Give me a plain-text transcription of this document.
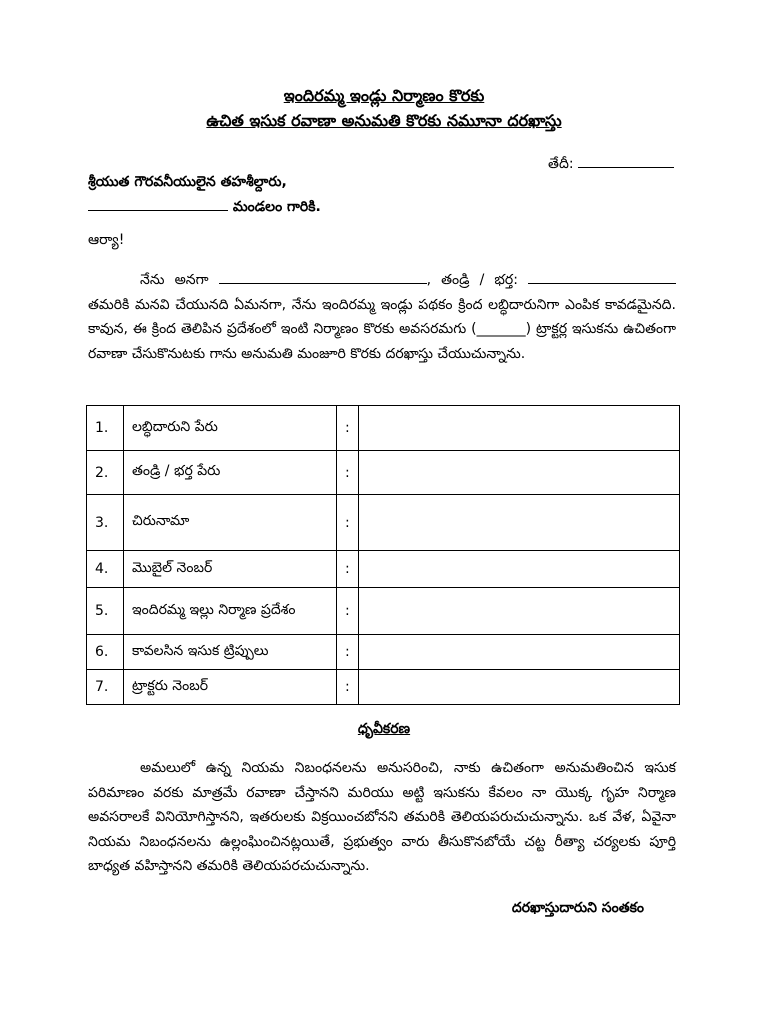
ఇందిరమ్మ ఇండ్లు నిర్మాణం కొరకు
ఉచిత ఇసుక రవాణా అనుమతి కొరకు నమూనా దరఖాస్తు
తేదీ:
శ్రీయుత గౌరవనీయులైన తహశీల్దారు,
మండలం గారికి.
ఆర్యా!
నేను అనగా	, తండ్రి / భర్త:  తమరికి మనవి చేయునది ఏమనగా, నేను ఇందిరమ్మ ఇండ్లు పథకం క్రింద లబ్ధిదారునిగా ఎంపిక కావడమైనది. కావున, ఈ క్రింద తెలిపిన ప్రదేశంలో ఇంటి నిర్మాణం కొరకు అవసరమగు (_______) ట్రాక్టర్ల ఇసుకను ఉచితంగా రవాణా చేసుకొనుటకు గాను అనుమతి మంజూరి కొరకు దరఖాస్తు చేయుచున్నాను.
1.	లబ్ధిదారుని పేరు	:	
2.	తండ్రి / భర్త పేరు	:	
3.	చిరునామా	:	
4.	మొబైల్ నెంబర్	:	
5.	ఇందిరమ్మ ఇల్లు నిర్మాణ ప్రదేశం	:	
6.	కావలసిన ఇసుక ట్రిప్పులు	:	
7.	ట్రాక్టరు నెంబర్	:	
ధృవీకరణ
అమలులో ఉన్న నియమ నిబంధనలను అనుసరించి, నాకు ఉచితంగా అనుమతించిన ఇసుక పరిమాణం వరకు మాత్రమే రవాణా చేస్తానని మరియు అట్టి ఇసుకను కేవలం నా యొక్క గృహ నిర్మాణ అవసరాలకే వినియోగిస్తానని, ఇతరులకు విక్రయించబోనని తమరికి తెలియపరుచుచున్నాను. ఒక వేళ, ఏవైనా నియమ నిబంధనలను ఉల్లంఘించినట్లయితే, ప్రభుత్వం వారు తీసుకొనబోయే చట్ట రీత్యా చర్యలకు పూర్తి బాధ్యత వహిస్తానని తమరికి తెలియపరచుచున్నాను.
దరఖాస్తుదారుని సంతకం
